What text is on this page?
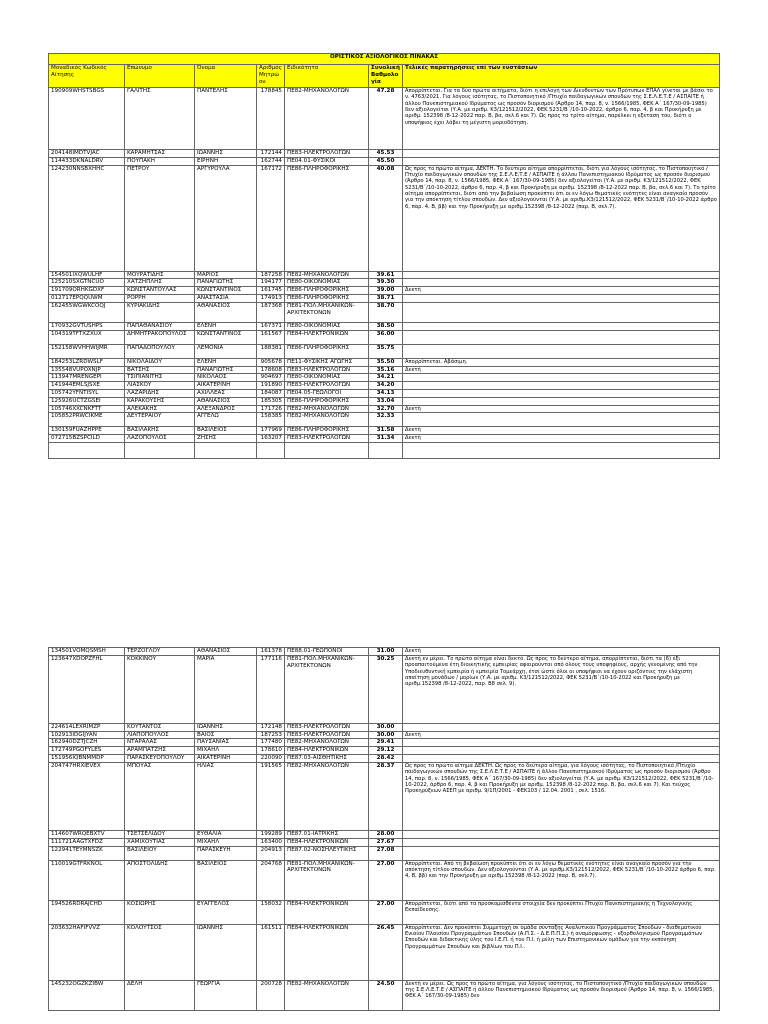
ΟΡΙΣΤΙΚΟΣ ΑΞΙΟΛΟΓΙΚΟΣ ΠΙΝΑΚΑΣ						
Μοναδικός Κωδικός Αίτησης	Επώνυμο	Όνομα	Αριθμός Μητρώου	Ειδικότητα	Συνολική Βαθμολογία	Τελικές παρατηρήσεις επί των ενστάσεων
190909WHSTSBGS	ΓΑΛΙΤΗΣ	ΠΑΝΤΕΛΗΣ	178845	ΠΕ82-ΜΗΧΑΝΟΛΟΓΩΝ	47.28	Απορρίπτεται. Για τα δύο πρώτα αιτήματα, διότι η επιλογή των Διευθυντών των Πρότυπων ΕΠΑΛ γίνεται με βάσει το ν. 4763/2021. Για λόγους ισότητας, το Πιστοποιητικό /Πτυχίο παιδαγωγικών σπουδών της Σ.Ε.Λ.Ε.Τ.Ε / ΑΣΠΑΙΤΕ ή άλλου Πανεπιστημιακού Ιδρύματος ως προσόν διορισμού (Άρθρο 14, παρ. 8, ν. 1566/1985, ΦΕΚ Α΄ 167/30-09-1985) δεν αξιολογείται (Υ.Α. με αριθμ. Κ3/121512/2022, ΦΕΚ 5231/Β΄/10-10-2022, άρθρο 6, παρ. 4, β και Προκήρυξη με αριθμ. 152398 /8-12-2022 παρ. Β, βα, σελ.6 και 7). Ως προς το τρίτο αίτημα, παρέλκει η εξέταση του, διότι ο υποψήφιος έχει λάβει τη μέγιστη μοριοδότηση.
204148IMDTVJAC	ΚΑΡΑΜΗΤΣΑΣ	ΙΩΑΝΝΗΣ	172144	ΠΕ83-ΗΛΕΚΤΡΟΛΟΓΩΝ	45.53	
114433DKNALDRV	ΠΟΥΠΑΚΗ	ΕΙΡΗΝΗ	162744	ΠΕ04.01-ΦΥΣΙΚΟΙ	45.50	
124230NNSBXHHC	ΠΕΤΡΟΥ	ΑΡΓΥΡΟΥΛΑ	167172	ΠΕ86-ΠΛΗΡΟΦΟΡΙΚΗΣ	40.08	Ως προς το πρώτο αίτημα, ΔΕΚΤΗ. Το δεύτερο αίτημα απορρίπτεται, διότι για λόγους ισότητας, το Πιστοποιητικό /Πτυχίο παιδαγωγικών σπουδών της Σ.Ε.Λ.Ε.Τ.Ε / ΑΣΠΑΙΤΕ ή άλλου Πανεπιστημιακού Ιδρύματος ως προσόν διορισμού (Άρθρο 14, παρ. 8, ν. 1566/1985, ΦΕΚ Α΄ 167/30-09-1985) δεν αξιολογείται (Υ.Α. με αριθμ. Κ3/121512/2022, ΦΕΚ 5231/Β΄/10-10-2022, άρθρο 6, παρ. 4, β και Προκήρυξη με αριθμ. 152398 /8-12-2022 παρ. Β, βα, σελ.6 και 7). Το τρίτο αίτημα απορρίπτεται, διότι από την βεβαίωση προκύπτει ότι οι εν λόγω θεματικές ενότητες είναι αναγκαίο προσόν για την απόκτηση τίτλου σπουδών. Δεν αξιολογούνται (Υ.Α. με αριθμ.Κ3/121512/2022, ΦΕΚ 5231/Β΄/10-10-2022 άρθρο 6, παρ. 4, Β, ββ) και την Προκήρυξη με αριθμ.152398 /8-12-2022 (παρ. Β, σελ.7).
154501IXQWULHF	ΜΟΥΡΑΤΙΔΗΣ	ΜΑΡΙΟΣ	187258	ΠΕ82-ΜΗΧΑΝΟΛΟΓΩΝ	39.61	
125210SXGTNCUO	ΧΑΤΖΗΠΛΗΣ	ΠΑΝΑΓΙΩΤΗΣ	194177	ΠΕ80-ΟΙΚΟΝΟΜΙΑΣ	39.30	
191709ORHKGDXF	ΚΩΝΣΤΑΝΤΟΥΛΑΣ	ΚΩΝΣΤΑΝΤΙΝΟΣ	161745	ΠΕ86-ΠΛΗΡΟΦΟΡΙΚΗΣ	39.00	Δεκτή
012717EPQQUWM	ΡΟΡΡΗ	ΑΝΑΣΤΑΣΙΑ	174913	ΠΕ86-ΠΛΗΡΟΦΟΡΙΚΗΣ	38.71	
162455WGWKCOQJ	ΚΥΡΙΑΚΙΔΗΣ	ΑΘΑΝΑΣΙΟΣ	187368	ΠΕ81-ΠΟΛ.ΜΗΧΑΝΙΚΩΝ-ΑΡΧΙΤΕΚΤΟΝΩΝ	38.70	
170932GVTUSHPS	ΠΑΠΑΘΑΝΑΣΙΟΥ	ΕΛΕΝΗ	167371	ΠΕ80-ΟΙΚΟΝΟΜΙΑΣ	38.50	
104319TFTXZXUX	ΔΗΜΗΤΡΑΚΟΠΟΥΛΟΣ	ΚΩΝΣΤΑΝΤΙΝΟΣ	161567	ΠΕ84-ΗΛΕΚΤΡΟΝΙΚΩΝ	36.00	
152158WVHHWIJMR	ΠΑΠΑΔΟΠΟΥΛΟΥ	ΛΕΜΟΝΙΑ	188381	ΠΕ86-ΠΛΗΡΟΦΟΡΙΚΗΣ	35.75	
184253LZRDWSLF	ΝΙΚΟΛΑΙΔΟΥ	ΕΛΕΝΗ	905678	ΠΕ11-ΦΥΣΙΚΗΣ ΑΓΩΓΗΣ	35.50	Απορρίπτεται. Αβάσιμη.
135548VUPOXNJP	ΒΑΤΣΗΣ	ΠΑΝΑΓΙΩΤΗΣ	178608	ΠΕ83-ΗΛΕΚΤΡΟΛΟΓΩΝ	35.16	Δεκτή
113947MRENGEPI	ΤΣΙΠΙΑΝΙΤΗΣ	ΝΙΚΟΛΑΟΣ	904697	ΠΕ80-ΟΙΚΟΝΟΜΙΑΣ	34.21	
141944EMLSJSXE	ΛΙΑΣΚΟΥ	ΑΙΚΑΤΕΡΙΝΗ	191890	ΠΕ83-ΗΛΕΚΤΡΟΛΟΓΩΝ	34.20	
105742YFNTISYL	ΛΑΖΑΡΙΔΗΣ	ΑΧΙΛΛΕΑΣ	184087	ΠΕ04.05-ΓΕΩΛΟΓΟΙ	34.13	
125926UCTZGSEI	ΚΑΡΑΚΟΥΣΗΣ	ΑΘΑΝΑΣΙΟΣ	185305	ΠΕ86-ΠΛΗΡΟΦΟΡΙΚΗΣ	33.04	
105746XXCNKFTT	ΑΛΕΚΑΚΗΣ	ΑΛΕΞΑΝΔΡΟΣ	171726	ΠΕ82-ΜΗΧΑΝΟΛΟΓΩΝ	32.70	Δεκτή
105852PRWCIKME	ΔΕΥΤΕΡΑΙΟΥ	ΑΓΓΕΛΩ	158385	ΠΕ82-ΜΗΧΑΝΟΛΟΓΩΝ	32.33	
130159FUAZHPPE	ΒΑΣΙΛΑΚΗΣ	ΒΑΣΙΛΕΙΟΣ	177969	ΠΕ86-ΠΛΗΡΟΦΟΡΙΚΗΣ	31.58	Δεκτή
072715BZSPCILD	ΛΑΖΟΠΟΥΛΟΣ	ΖΗΣΗΣ	163207	ΠΕ83-ΗΛΕΚΤΡΟΛΟΓΩΝ	31.34	Δεκτή

134501VOMQSMSH	ΤΕΡΖΟΓΛΟΥ	ΑΘΑΝΑΣΙΟΣ	161378	ΠΕ88.01-ΓΕΩΠΟΝΟΙ	31.00	Δεκτή
123647XDOPZFHL	ΚΟΚΚΙΝΟΥ	ΜΑΡΙΑ	177116	ΠΕ81-ΠΟΛ.ΜΗΧΑΝΙΚΩΝ-ΑΡΧΙΤΕΚΤΟΝΩΝ	30.25	Δεκτή εν μέρει. Το πρώτο αίτημα είναι δεκτό. Ως προς το δεύτερο αίτημα, απορρίπτεται, διότι τα (6) έξι προαπαιτούμενα έτη διοικητικής εμπειρίας αφαιρούνται από όλους τους υποψηφίους, αρχής γενομένης από την Υποδιευθυντική εμπειρία ή εμπειρία Τομεάρχη, έτσι ώστε όλοι οι υποψήφιοι να έχουν οριζόντιες την ελάχιστη απαίτηση μονάδων / μορίων (Υ.Α. με αριθμ. Κ3/121512/2022, ΦΕΚ 5231/Β΄/10-10-2022 και Προκήρυξη με αριθμ.152398 /8-12-2022, παρ. Β8 σελ. 9).
224614LEXRIMZP	ΚΟΥΤΑΝΤΟΣ	ΙΩΑΝΝΗΣ	172148	ΠΕ83-ΗΛΕΚΤΡΟΛΟΓΩΝ	30.00	
102913IDGIJYAN	ΛΙΑΠΟΠΟΥΛΟΣ	ΒΑΙΟΣ	187253	ΠΕ83-ΗΛΕΚΤΡΟΛΟΓΩΝ	30.00	Δεκτή
162940DZTJCZH	ΝΤΑΡΑΛΑΣ	ΠΑΥΣΑΝΙΑΣ	177480	ΠΕ82-ΜΗΧΑΝΟΛΟΓΩΝ	29.41	
172749PGOFYLES	ΑΡΑΜΠΑΤΖΗΣ	ΜΙΧΑΗΛ	178610	ΠΕ84-ΗΛΕΚΤΡΟΝΙΚΩΝ	29.12	
151956IQBNMMDP	ΠΑΡΑΣΚΕΥΟΠΟΥΛΟΥ	ΑΙΚΑΤΕΡΙΝΗ	220090	ΠΕ87.03-ΑΙΣΘΗΤΙΚΗΣ	28.42	
204747HRXIEVEX	ΜΠΟΥΑΣ	ΗΛΙΑΣ	191565	ΠΕ82-ΜΗΧΑΝΟΛΟΓΩΝ	28.37	Ως προς το πρώτο αίτημα ΔΕΚΤΗ. Ως προς το δεύτερο αίτημα, για λόγους ισότητας, το Πιστοποιητικό /Πτυχίο παιδαγωγικών σπουδών της Σ.Ε.Λ.Ε.Τ.Ε / ΑΣΠΑΙΤΕ ή άλλου Πανεπιστημιακού Ιδρύματος ως προσόν διορισμού (Άρθρο 14, παρ. 8, ν. 1566/1985, ΦΕΚ Α΄ 167/30-09-1985) δεν αξιολογείται (Υ.Α. με αριθμ. Κ3/121512/2022, ΦΕΚ 5231/Β΄/10-10-2022, άρθρο 6, παρ. 4, β και Προκήρυξη με αριθμ. 152398 /8-12-2022 παρ. Β, βα, σελ.6 και 7). Και τεύχος Προκηρύξεων ΑΣΕΠ με αριθμ. 9/1Π/2001 - ΦΕΚ103 / 12.04. 2001 , σελ. 1516.
114607WRQEBXTV	ΤΣΕΤΣΕΛΙΔΟΥ	ΕΥΘΑΛΙΑ	199289	ΠΕ87.01-ΙΑΤΡΙΚΗΣ	28.00	
111721AAGTXFDZ	ΧΑΜΙΧΟΥΤΙΑΣ	ΜΙΧΑΗΛ	163400	ΠΕ84-ΗΛΕΚΤΡΟΝΙΚΩΝ	27.67	
122941TEYMNSZK	ΒΑΣΙΛΕΙΟΥ	ΠΑΡΑΣΚΕΥΗ	204913	ΠΕ87.02-ΝΟΣΗΛΕΥΤΙΚΗΣ	27.08	
110019GTFRKNOL	ΑΠΟΣΤΟΛΙΔΗΣ	ΒΑΣΙΛΕΙΟΣ	204768	ΠΕ81-ΠΟΛ.ΜΗΧΑΝΙΚΩΝ-ΑΡΧΙΤΕΚΤΟΝΩΝ	27.00	Απορρίπτεται. Από τη βεβαίωση προκύπτει ότι οι εν λόγω θεματικές ενότητες είναι αναγκαίο προσόν για την απόκτηση τίτλου σπουδών. Δεν αξιολογούνται (Υ.Α. με αριθμ.Κ3/121512/2022, ΦΕΚ 5231/Β΄/10-10-2022 άρθρο 6, παρ. 4, Β, ββ) και την Προκήρυξη με αριθμ.152398 /8-12-2022 (παρ. Β, σελ.7).
194526RDRAJCHD	ΚΟΣΙΩΡΗΣ	ΕΥΑΓΓΕΛΟΣ	158032	ΠΕ84-ΗΛΕΚΤΡΟΝΙΚΩΝ	27.00	Απορρίπτεται, διότι από τα προσκομισθέντα στοιχεία δεν προκύπτει Πτυχίο Πανεπιστημιακής ή Τεχνολογικής Εκπαίδευσης.
203632HAFIFVVZ	ΚΟΛΟΥΤΣΟΣ	ΙΩΑΝΝΗΣ	161511	ΠΕ84-ΗΛΕΚΤΡΟΝΙΚΩΝ	26.45	Απορρίπτεται. Δεν προκύπτει Συμμετοχή σε ομάδα σύνταξης Αναλυτικού Προγράμματος Σπουδών - διαθεματικού Ενιαίου Πλαισίου Προγραμμάτων Σπουδών (Α.Π.Σ. - Δ.Ε.Π.Π.Σ.) ή αναμόρφωσης - εξορθολογισμού Προγραμμάτων Σπουδών και διδακτικής ύλης του Ι.Ε.Π. ή του Π.Ι. ή μέλη των Επιστημονικών ομάδων για την εκπόνηση Προγραμμάτων Σπουδών και βιβλίων του Π.Ι..
145232OGZKZIBW	ΔΕΛΗ	ΓΕΩΡΓΙΑ	200728	ΠΕ82-ΜΗΧΑΝΟΛΟΓΩΝ	24.50	Δεκτή εν μέρει. Ως προς το πρώτο αίτημα, για λόγους ισότητας, το Πιστοποιητικό /Πτυχίο παιδαγωγικών σπουδών της Σ.Ε.Λ.Ε.Τ.Ε / ΑΣΠΑΙΤΕ ή άλλου Πανεπιστημιακού Ιδρύματος ως προσόν διορισμού (Άρθρο 14, παρ. 8, ν. 1566/1985, ΦΕΚ Α΄ 167/30-09-1985) δεν
